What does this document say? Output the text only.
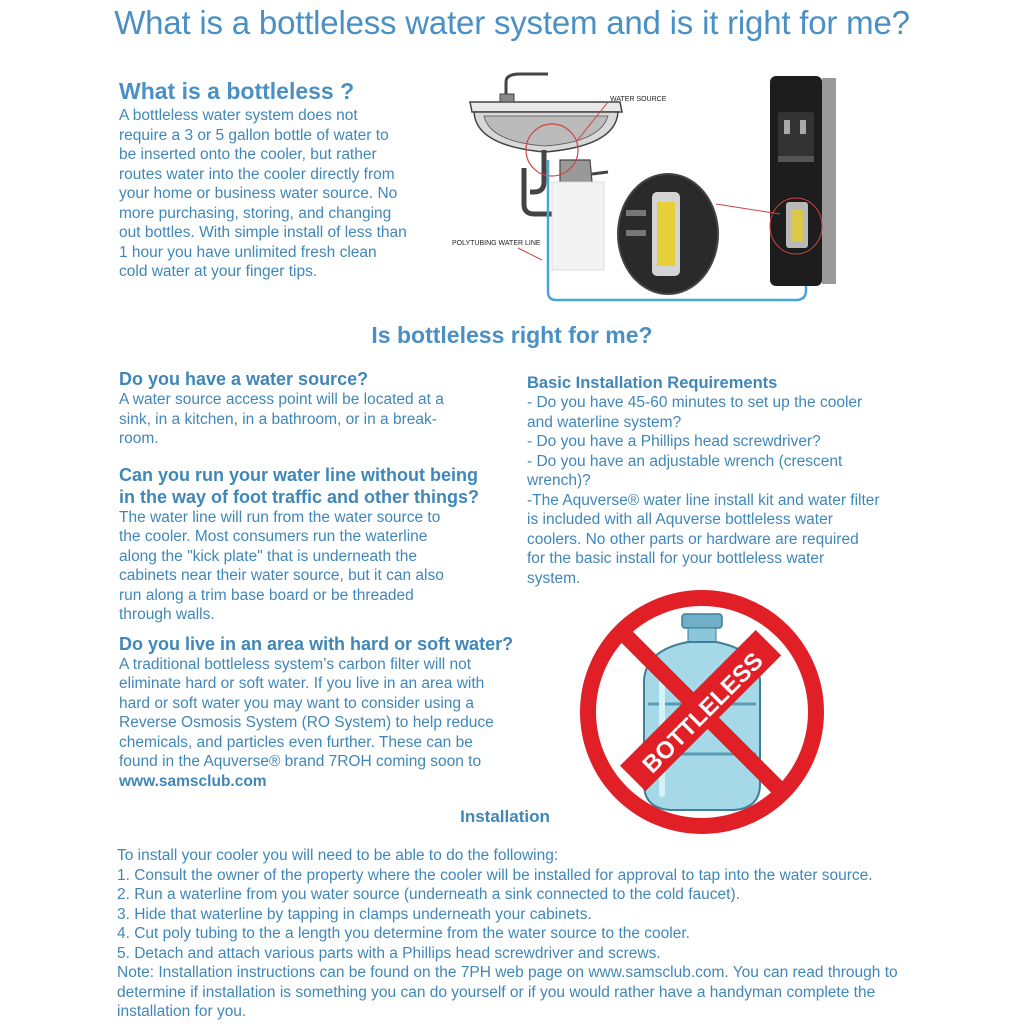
What is a bottleless water system and is it right for me?
What is a bottleless ?

A bottleless water system does not
require a 3 or 5 gallon bottle of water to
be inserted onto the cooler, but rather
routes water into the cooler directly from
your home or business water source. No
more purchasing, storing, and changing
out bottles. With simple install of less than
1 hour you have unlimited fresh clean
cold water at your finger tips.

WATER SOURCE
POLYTUBING WATER LINE
Is bottleless right for me?
Do you have a water source?

A water source access point will be located at a
sink, in a kitchen, in a bathroom, or in a break-
room.

Can you run your water line without being
in the way of foot traffic and other things?

The water line will run from the water source to
the cooler. Most consumers run the waterline
along the "kick plate" that is underneath the
cabinets near their water source, but it can also
run along a trim base board or be threaded
through walls.

Do you live in an area with hard or soft water?

A traditional bottleless system’s carbon filter will not
eliminate hard or soft water. If you live in an area with
hard or soft water you may want to consider using a
Reverse Osmosis System (RO System) to help reduce
chemicals, and particles even further. These can be
found in the Aquverse® brand 7ROH coming soon to
www.samsclub.com

Basic Installation Requirements

- Do you have 45-60 minutes to set up the cooler
and waterline system?
- Do you have a Phillips head screwdriver?
- Do you have an adjustable wrench (crescent
wrench)?
-The Aquverse® water line install kit and water filter
is included with all Aquverse bottleless water
coolers. No other parts or hardware are required
for the basic install for your bottleless water
system.

BOTTLELESS
Installation

To install your cooler you will need to be able to do the following:
1. Consult the owner of the property where the cooler will be installed for approval to tap into the water source.
2. Run a waterline from you water source (underneath a sink connected to the cold faucet).
3. Hide that waterline by tapping in clamps underneath your cabinets.
4. Cut poly tubing to the a length you determine from the water source to the cooler.
5. Detach and attach various parts with a Phillips head screwdriver and screws.
Note: Installation instructions can be found on the 7PH web page on www.samsclub.com. You can read through to
determine if installation is something you can do yourself or if you would rather have a handyman complete the
installation for you.
